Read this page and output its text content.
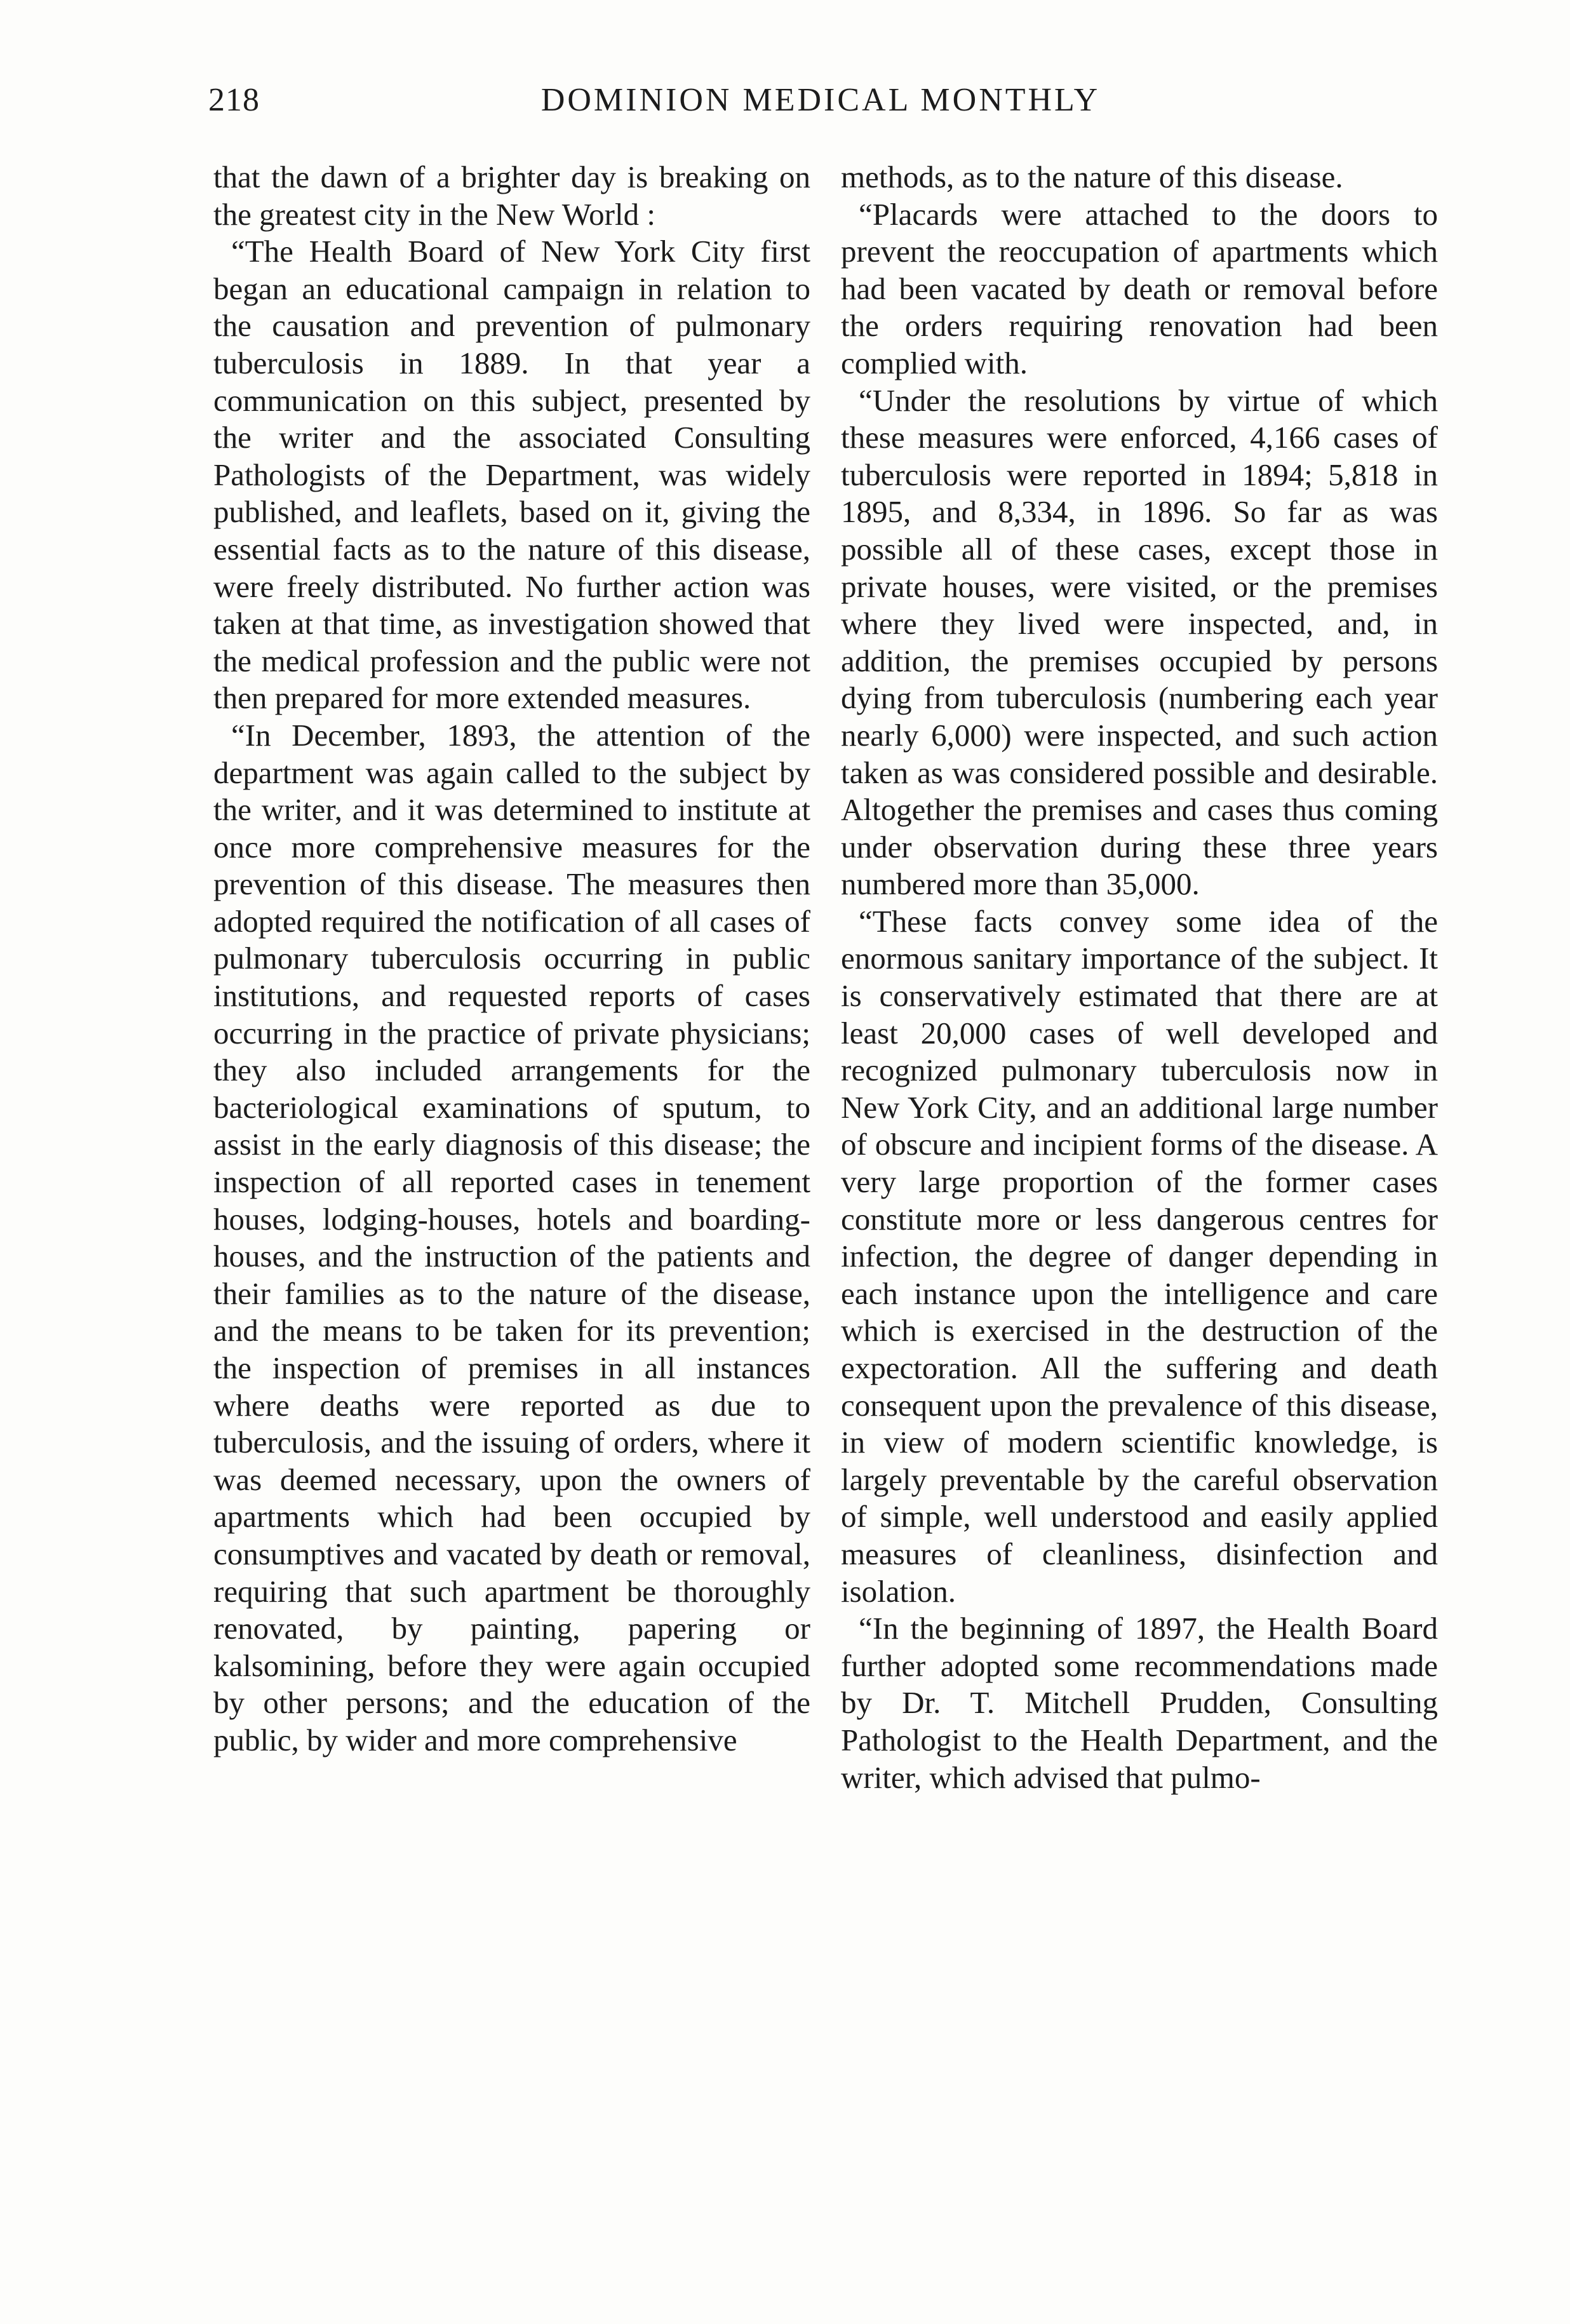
218	DOMINION MEDICAL MONTHLY

that the dawn of a brighter day is breaking on the greatest city in the New World :

“The Health Board of New York City first began an educational campaign in relation to the causation and prevention of pulmonary tuberculosis in 1889. In that year a communication on this subject, presented by the writer and the associated Consulting Pathologists of the Department, was widely published, and leaflets, based on it, giving the essential facts as to the nature of this disease, were freely distributed. No further action was taken at that time, as investigation showed that the medical profession and the public were not then prepared for more extended measures.

“In December, 1893, the attention of the department was again called to the subject by the writer, and it was determined to institute at once more comprehensive measures for the prevention of this disease. The measures then adopted required the notification of all cases of pulmonary tuberculosis occurring in public institutions, and requested reports of cases occurring in the practice of private physicians; they also included arrangements for the bacteriological examinations of sputum, to assist in the early diagnosis of this disease; the inspection of all reported cases in tenement houses, lodging-houses, hotels and boarding-houses, and the instruction of the patients and their families as to the nature of the disease, and the means to be taken for its prevention; the inspection of premises in all instances where deaths were reported as due to tuberculosis, and the issuing of orders, where it was deemed necessary, upon the owners of apartments which had been occupied by consumptives and vacated by death or removal, requiring that such apartment be thoroughly renovated, by painting, papering or kalsomining, before they were again occupied by other persons; and the education of the public, by wider and more comprehensive

methods, as to the nature of this disease.

“Placards were attached to the doors to prevent the reoccupation of apartments which had been vacated by death or removal before the orders requiring renovation had been complied with.

“Under the resolutions by virtue of which these measures were enforced, 4,166 cases of tuberculosis were reported in 1894; 5,818 in 1895, and 8,334, in 1896. So far as was possible all of these cases, except those in private houses, were visited, or the premises where they lived were inspected, and, in addition, the premises occupied by persons dying from tuberculosis (numbering each year nearly 6,000) were inspected, and such action taken as was considered possible and desirable. Altogether the premises and cases thus coming under observation during these three years numbered more than 35,000.

“These facts convey some idea of the enormous sanitary importance of the subject. It is conservatively estimated that there are at least 20,000 cases of well developed and recognized pulmonary tuberculosis now in New York City, and an additional large number of obscure and incipient forms of the disease. A very large proportion of the former cases constitute more or less dangerous centres for infection, the degree of danger depending in each instance upon the intelligence and care which is exercised in the destruction of the expectoration. All the suffering and death consequent upon the prevalence of this disease, in view of modern scientific knowledge, is largely preventable by the careful observation of simple, well understood and easily applied measures of cleanliness, disinfection and isolation.

“In the beginning of 1897, the Health Board further adopted some recommendations made by Dr. T. Mitchell Prudden, Consulting Pathologist to the Health Department, and the writer, which advised that pulmo-
